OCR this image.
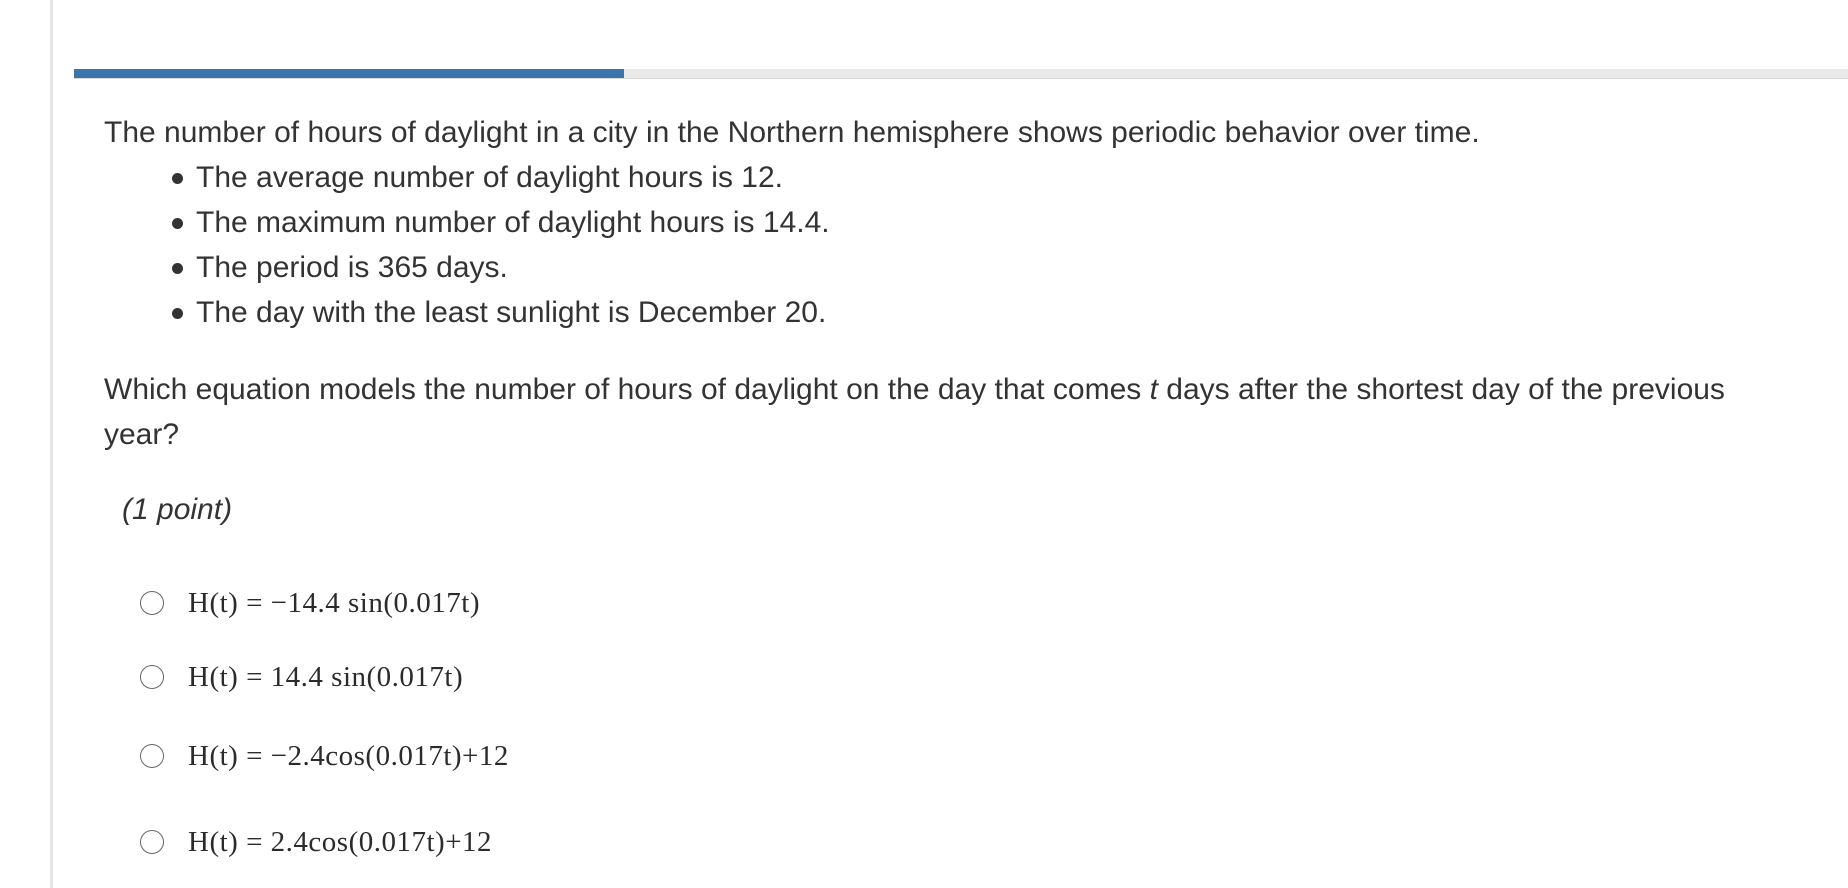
The number of hours of daylight in a city in the Northern hemisphere shows periodic behavior over time.

The average number of daylight hours is 12.
The maximum number of daylight hours is 14.4.
The period is 365 days.
The day with the least sunlight is December 20.

Which equation models the number of hours of daylight on the day that comes t days after the shortest day of the previous year?

(1 point)

H(t) = −14.4 sin(0.017t)
H(t) = 14.4 sin(0.017t)
H(t) = −2.4cos(0.017t)+12
H(t) = 2.4cos(0.017t)+12
